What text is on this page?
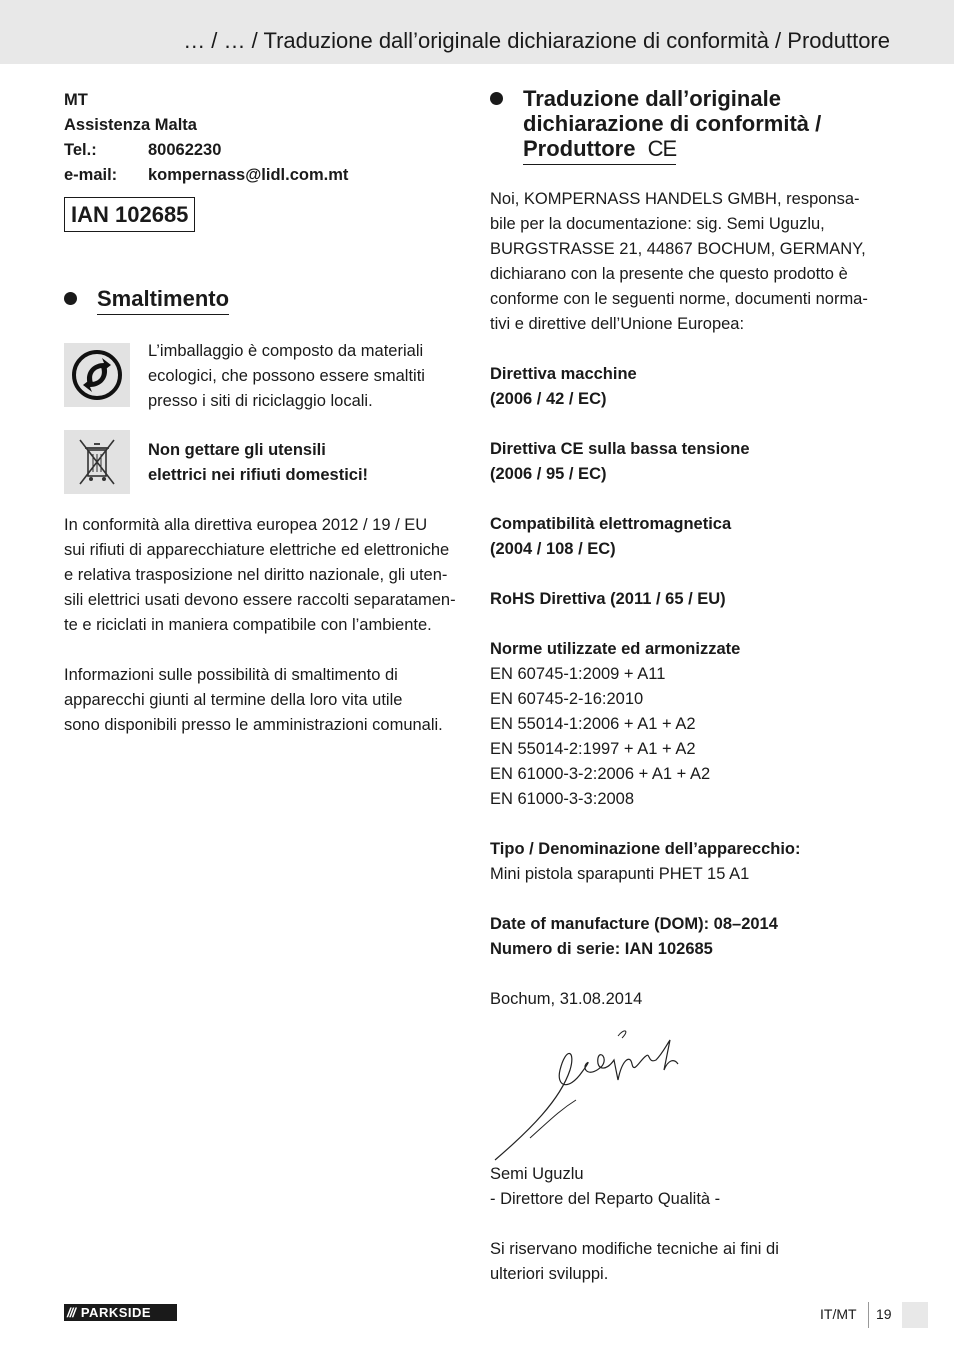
… / … / Traduzione dall’originale dichiarazione di conformità / Produttore
MT
Assistenza Malta
Tel.:	80062230
e-mail:	kompernass@lidl.com.mt
IAN 102685
Smaltimento
L’imballaggio è composto da materiali
ecologici, che possono essere smaltiti
presso i siti di riciclaggio locali.
Non gettare gli utensili
elettrici nei rifiuti domestici!
In conformità alla direttiva europea 2012 / 19 / EU
sui rifiuti di apparecchiature elettriche ed elettroniche
e relativa trasposizione nel diritto nazionale, gli uten-
sili elettrici usati devono essere raccolti separatamen-
te e riciclati in maniera compatibile con l’ambiente.
Informazioni sulle possibilità di smaltimento di
apparecchi giunti al termine della loro vita utile
sono disponibili presso le amministrazioni comunali.
Traduzione dall’originale
dichiarazione di conformità /
Produttore CE
Noi, KOMPERNASS HANDELS GMBH, responsa-
bile per la documentazione: sig. Semi Uguzlu,
BURGSTRASSE 21, 44867 BOCHUM, GERMANY,
dichiarano con la presente che questo prodotto è
conforme con le seguenti norme, documenti norma-
tivi e direttive dell’Unione Europea:
Direttiva macchine
(2006 / 42 / EC)
Direttiva CE sulla bassa tensione
(2006 / 95 / EC)
Compatibilità elettromagnetica
(2004 / 108 / EC)
RoHS Direttiva (2011 / 65 / EU)
Norme utilizzate ed armonizzate
EN 60745-1:2009 + A11
EN 60745-2-16:2010
EN 55014-1:2006 + A1 + A2
EN 55014-2:1997 + A1 + A2
EN 61000-3-2:2006 + A1 + A2
EN 61000-3-3:2008
Tipo / Denominazione dell’apparecchio:
Mini pistola sparapunti PHET 15 A1
Date of manufacture (DOM): 08–2014
Numero di serie: IAN 102685
Bochum, 31.08.2014
Semi Uguzlu
- Direttore del Reparto Qualità -
Si riservano modifiche tecniche ai fini di
ulteriori sviluppi.
/// PARKSIDE	IT/MT 19
